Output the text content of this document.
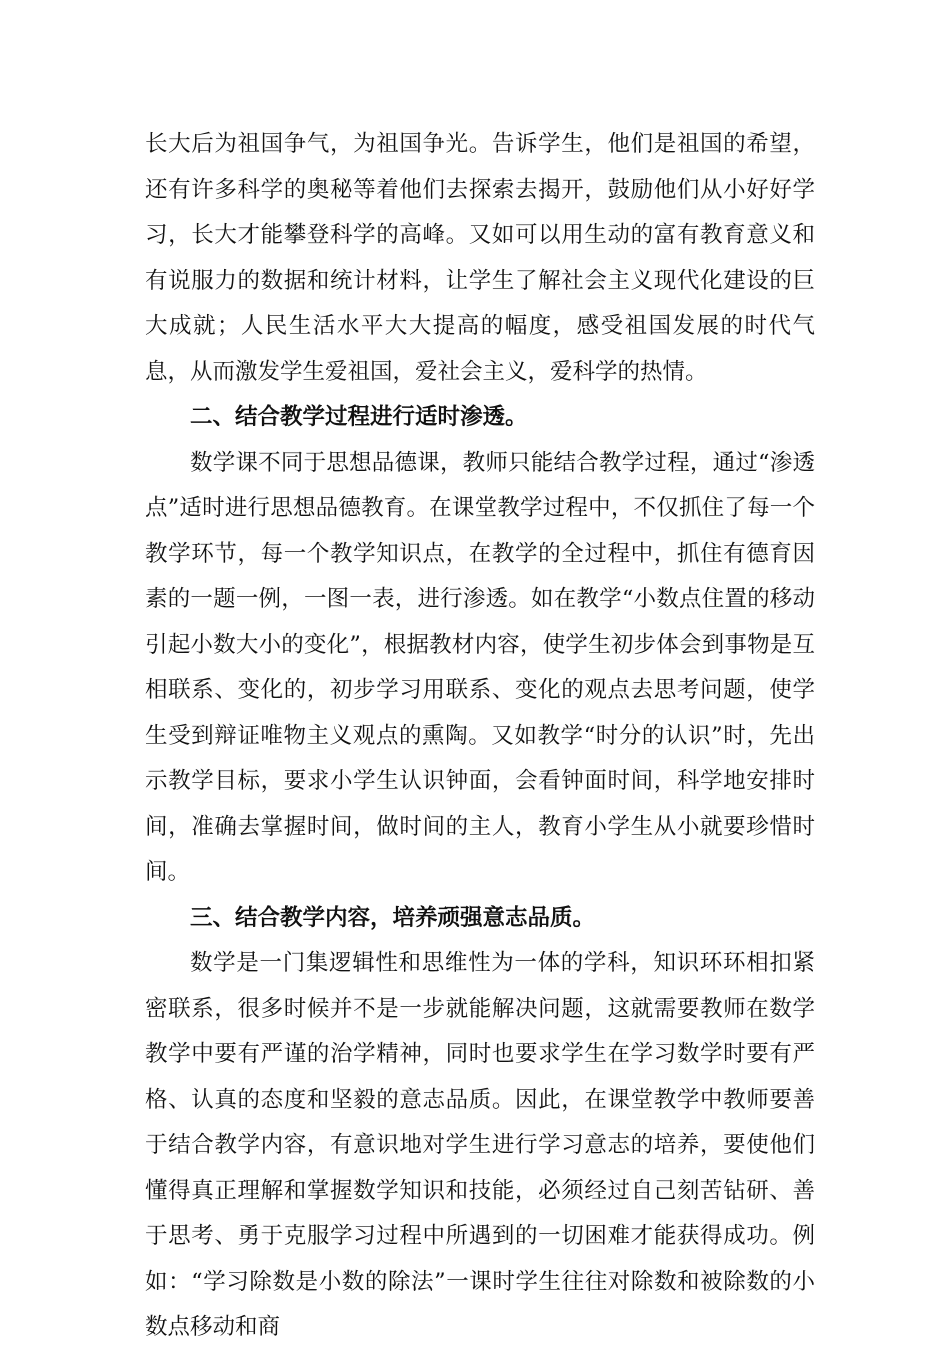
长大后为祖国争气，为祖国争光。告诉学生，他们是祖国的希望，还有许多科学的奥秘等着他们去探索去揭开，鼓励他们从小好好学习，长大才能攀登科学的高峰。又如可以用生动的富有教育意义和有说服力的数据和统计材料，让学生了解社会主义现代化建设的巨大成就；人民生活水平大大提高的幅度，感受祖国发展的时代气息，从而激发学生爱祖国，爱社会主义，爱科学的热情。

二、结合教学过程进行适时渗透。

数学课不同于思想品德课，教师只能结合教学过程，通过“渗透点”适时进行思想品德教育。在课堂教学过程中，不仅抓住了每一个教学环节，每一个教学知识点，在教学的全过程中，抓住有德育因素的一题一例，一图一表，进行渗透。如在教学“小数点住置的移动引起小数大小的变化”，根据教材内容，使学生初步体会到事物是互相联系、变化的，初步学习用联系、变化的观点去思考问题，使学生受到辩证唯物主义观点的熏陶。又如教学“时分的认识”时，先出示教学目标，要求小学生认识钟面，会看钟面时间，科学地安排时间，准确去掌握时间，做时间的主人，教育小学生从小就要珍惜时间。

三、结合教学内容，培养顽强意志品质。

数学是一门集逻辑性和思维性为一体的学科，知识环环相扣紧密联系，很多时候并不是一步就能解决问题，这就需要教师在数学教学中要有严谨的治学精神，同时也要求学生在学习数学时要有严格、认真的态度和坚毅的意志品质。因此，在课堂教学中教师要善于结合教学内容，有意识地对学生进行学习意志的培养，要使他们懂得真正理解和掌握数学知识和技能，必须经过自己刻苦钻研、善于思考、勇于克服学习过程中所遇到的一切困难才能获得成功。例如：“学习除数是小数的除法”一课时学生往往对除数和被除数的小数点移动和商
